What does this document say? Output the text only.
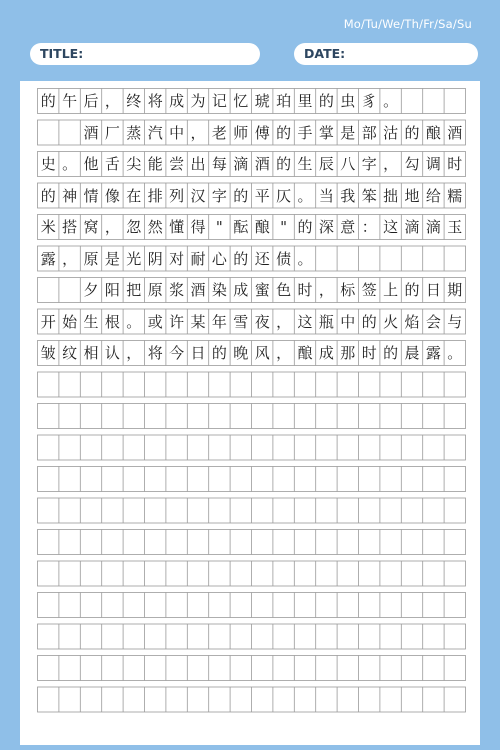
Mo/Tu/We/Th/Fr/Sa/Su
TITLE:	DATE:
的 午 后 ， 终 将 成 为 记 忆 琥 珀 里 的 虫 豸 。

酒 厂 蒸 汽 中 ， 老 师 傅 的 手 掌 是 部 沽 的 酿 酒
史 。 他 舌 尖 能 尝 出 每 滴 酒 的 生 辰 八 字 ， 勾 调 时
的 神 情 像 在 排 列 汉 字 的 平 仄 。 当 我 笨 拙 地 给 糯
米 搭 窝 ， 忽 然 懂 得 " 酝 酿 " 的 深 意 ： 这 滴 滴 玉
露 ， 原 是 光 阴 对 耐 心 的 还 债 。

夕 阳 把 原 浆 酒 染 成 蜜 色 时 ， 标 签 上 的 日 期
开 始 生 根 。 或 许 某 年 雪 夜 ， 这 瓶 中 的 火 焰 会 与
皱 纹 相 认 ， 将 今 日 的 晚 风 ， 酿 成 那 时 的 晨 露 。
